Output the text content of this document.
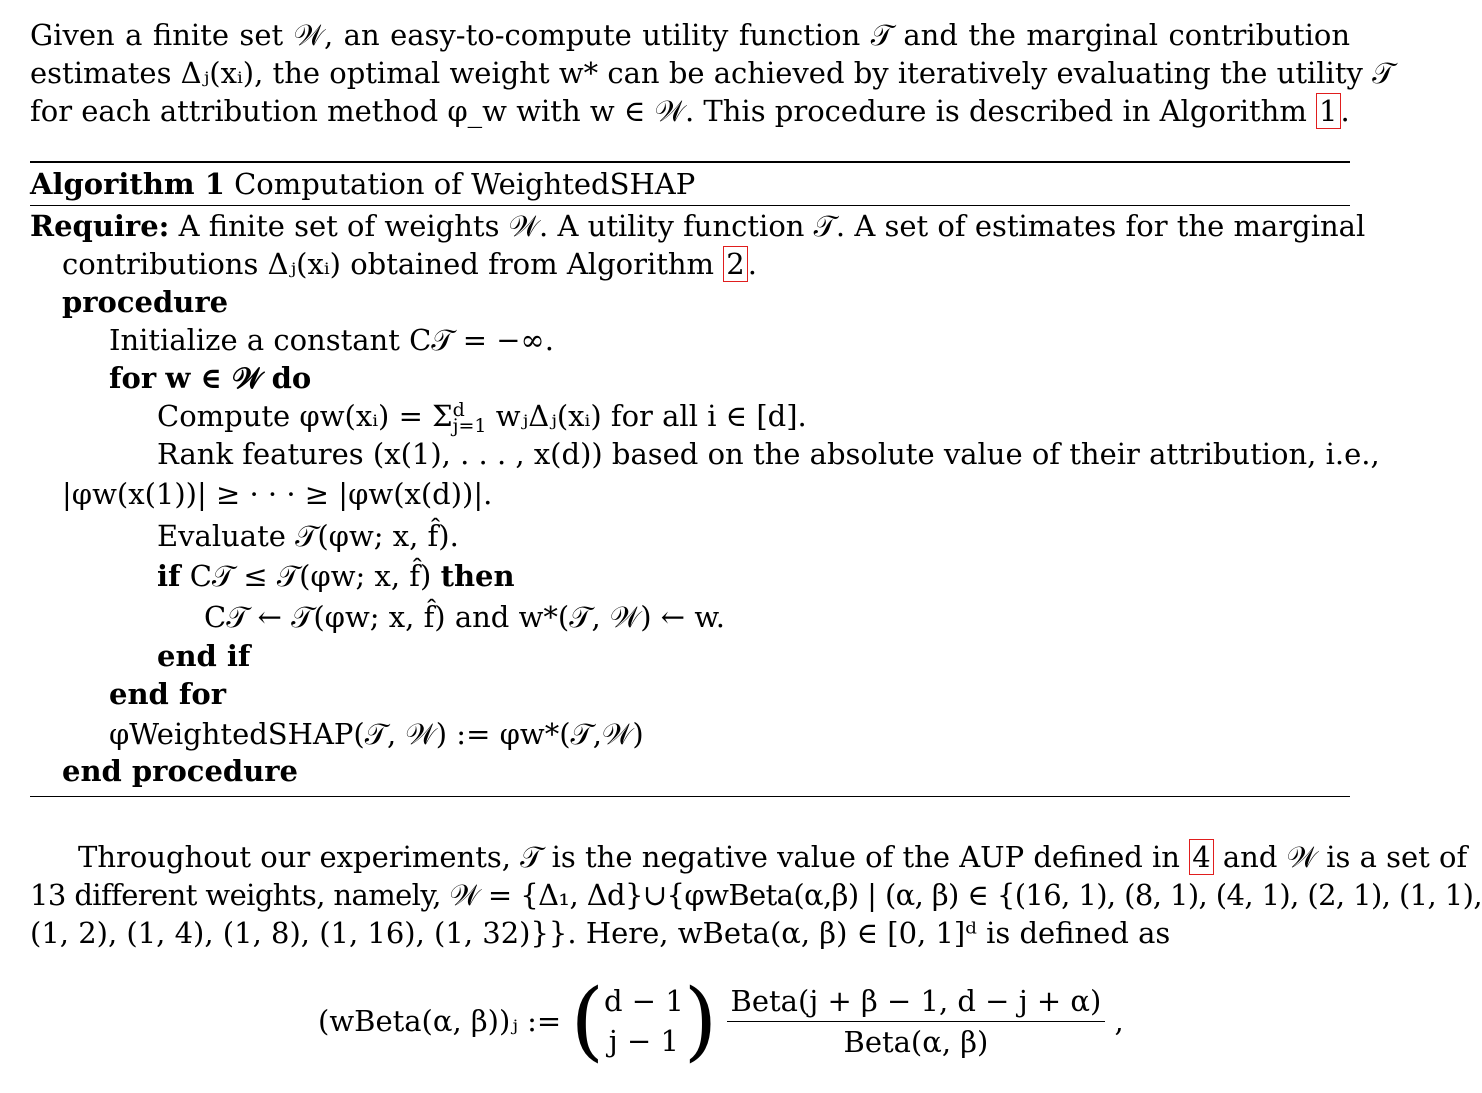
Given a finite set 𝒲, an easy-to-compute utility function 𝒯 and the marginal contribution
estimates Δⱼ(xᵢ), the optimal weight w* can be achieved by iteratively evaluating the utility 𝒯
for each attribution method φ_w with w ∈ 𝒲. This procedure is described in Algorithm 1 .
Algorithm 1 Computation of WeightedSHAP
Require: A finite set of weights 𝒲. A utility function 𝒯. A set of estimates for the marginal
contributions Δⱼ(xᵢ) obtained from Algorithm 2 .
procedure
Initialize a constant C𝒯 = −∞.
for w ∈ 𝒲 do
Compute φw(xᵢ) = Σ d
j=1 wⱼΔⱼ(xᵢ) for all i ∈ [d].
Rank features (x(1), . . . , x(d)) based on the absolute value of their attribution, i.e.,
|φw(x(1))| ≥ · · · ≥ |φw(x(d))|.
Evaluate 𝒯(φw; x, f̂).
if C𝒯 ≤ 𝒯(φw; x, f̂) then
C𝒯 ← 𝒯(φw; x, f̂) and w*(𝒯, 𝒲) ← w.
end if
end for
φWeightedSHAP(𝒯, 𝒲) := φw*(𝒯,𝒲)
end procedure
Throughout our experiments, 𝒯 is the negative value of the AUP defined in 4 and 𝒲 is a set of
13 different weights, namely, 𝒲 = {Δ₁, Δd}∪{φwBeta(α,β) | (α, β) ∈ {(16, 1), (8, 1), (4, 1), (2, 1), (1, 1),
(1, 2), (1, 4), (1, 8), (1, 16), (1, 32)}}. Here, wBeta(α, β) ∈ [0, 1]ᵈ is defined as
(wBeta(α, β))ⱼ := ( d − 1
j − 1 ) $\frac{\text{Beta(j + β − 1, d − j + α)}}{\text{Beta(α, β)}}$ ,
